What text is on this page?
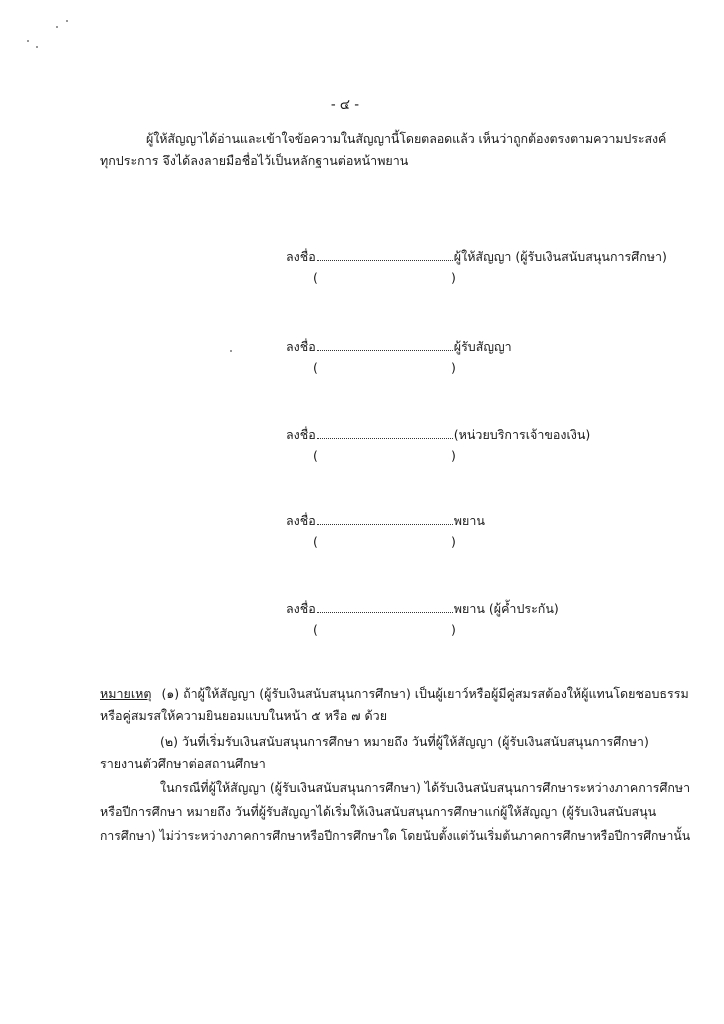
- ๔ -
ผู้ให้สัญญาได้อ่านและเข้าใจข้อความในสัญญานี้โดยตลอดแล้ว เห็นว่าถูกต้องตรงตามความประสงค์
ทุกประการ จึงได้ลงลายมือชื่อไว้เป็นหลักฐานต่อหน้าพยาน
ลงชื่อ	ผู้ให้สัญญา (ผู้รับเงินสนับสนุนการศึกษา)
(	)
ลงชื่อ	ผู้รับสัญญา
(	)
ลงชื่อ	(หน่วยบริการเจ้าของเงิน)
(	)
ลงชื่อ	พยาน
(	)
ลงชื่อ	พยาน (ผู้ค้ำประกัน)
(	)
หมายเหตุ (๑) ถ้าผู้ให้สัญญา (ผู้รับเงินสนับสนุนการศึกษา) เป็นผู้เยาว์หรือผู้มีคู่สมรสต้องให้ผู้แทนโดยชอบธรรม
หรือคู่สมรสให้ความยินยอมแบบในหน้า ๕ หรือ ๗ ด้วย
(๒) วันที่เริ่มรับเงินสนับสนุนการศึกษา หมายถึง วันที่ผู้ให้สัญญา (ผู้รับเงินสนับสนุนการศึกษา)
รายงานตัวศึกษาต่อสถานศึกษา
ในกรณีที่ผู้ให้สัญญา (ผู้รับเงินสนับสนุนการศึกษา) ได้รับเงินสนับสนุนการศึกษาระหว่างภาคการศึกษา
หรือปีการศึกษา หมายถึง วันที่ผู้รับสัญญาได้เริ่มให้เงินสนับสนุนการศึกษาแก่ผู้ให้สัญญา (ผู้รับเงินสนับสนุน
การศึกษา) ไม่ว่าระหว่างภาคการศึกษาหรือปีการศึกษาใด โดยนับตั้งแต่วันเริ่มต้นภาคการศึกษาหรือปีการศึกษานั้น
